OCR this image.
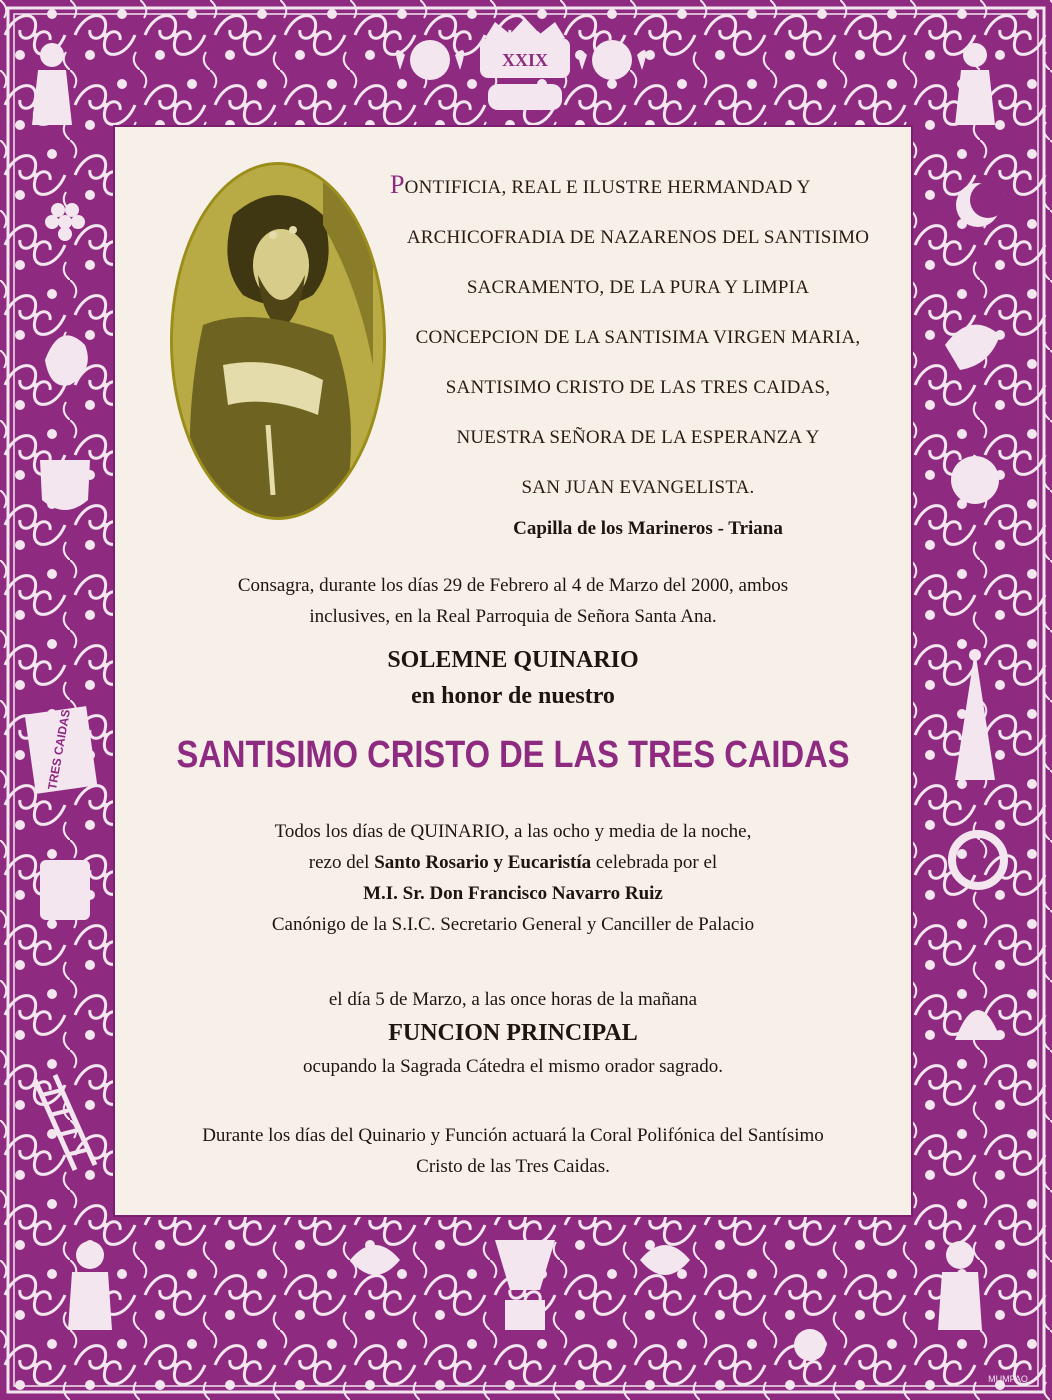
XXIX
TRES CAIDAS
MUMPAO
PONTIFICIA, REAL E ILUSTRE HERMANDAD Y
ARCHICOFRADIA DE NAZARENOS DEL SANTISIMO
SACRAMENTO, DE LA PURA Y LIMPIA
CONCEPCION DE LA SANTISIMA VIRGEN MARIA,
SANTISIMO CRISTO DE LAS TRES CAIDAS,
NUESTRA SEÑORA DE LA ESPERANZA Y
SAN JUAN EVANGELISTA.
Capilla de los Marineros - Triana
Consagra, durante los días 29 de Febrero al 4 de Marzo del 2000, ambos
inclusives, en la Real Parroquia de Señora Santa Ana.
SOLEMNE QUINARIO
en honor de nuestro
SANTISIMO CRISTO DE LAS TRES CAIDAS
Todos los días de QUINARIO, a las ocho y media de la noche,
rezo del Santo Rosario y Eucaristía celebrada por el
M.I. Sr. Don Francisco Navarro Ruiz
Canónigo de la S.I.C. Secretario General y Canciller de Palacio
el día 5 de Marzo, a las once horas de la mañana
FUNCION PRINCIPAL
ocupando la Sagrada Cátedra el mismo orador sagrado.
Durante los días del Quinario y Función actuará la Coral Polifónica del Santísimo
Cristo de las Tres Caidas.
